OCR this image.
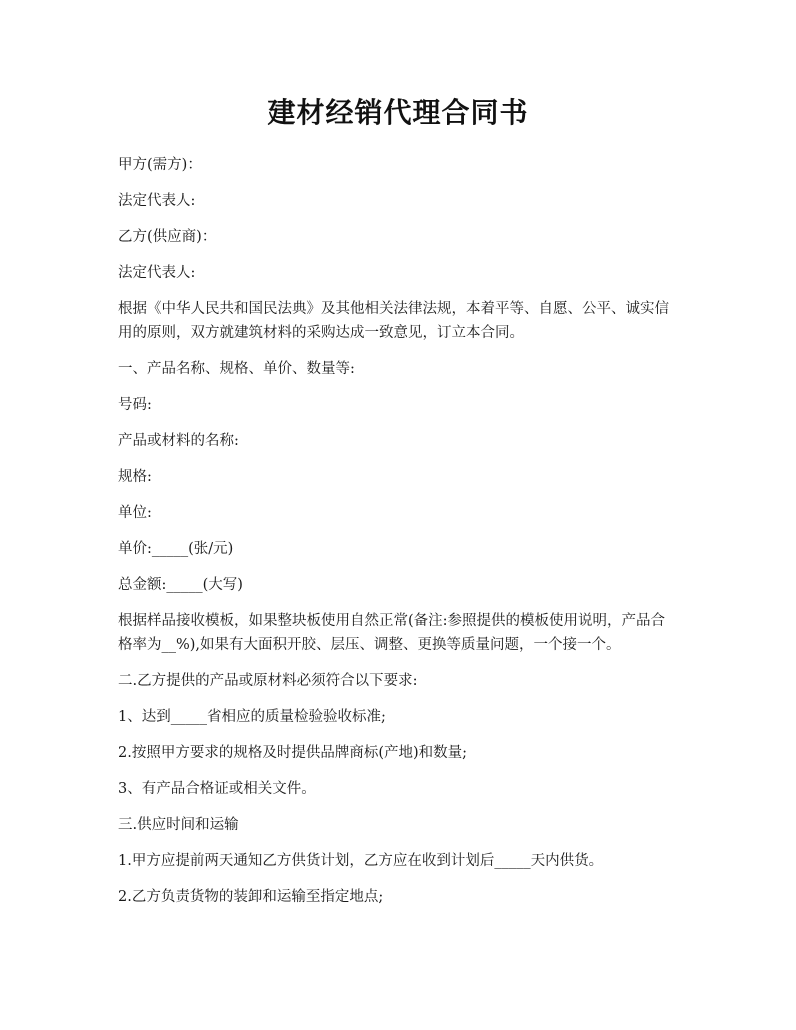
建材经销代理合同书

甲方(需方)：

法定代表人:

乙方(供应商)：

法定代表人:

根据《中华人民共和国民法典》及其他相关法律法规，本着平等、自愿、公平、诚实信用的原则，双方就建筑材料的采购达成一致意见，订立本合同。

一、产品名称、规格、单价、数量等:

号码:

产品或材料的名称:

规格:

单位:

单价:_____(张/元)

总金额:_____(大写)

根据样品接收模板，如果整块板使用自然正常(备注:参照提供的模板使用说明，产品合格率为__%),如果有大面积开胶、层压、调整、更换等质量问题，一个接一个。

二.乙方提供的产品或原材料必须符合以下要求:

1、达到_____省相应的质量检验验收标准;

2.按照甲方要求的规格及时提供品牌商标(产地)和数量;

3、有产品合格证或相关文件。

三.供应时间和运输

1.甲方应提前两天通知乙方供货计划，乙方应在收到计划后_____天内供货。

2.乙方负责货物的装卸和运输至指定地点;
